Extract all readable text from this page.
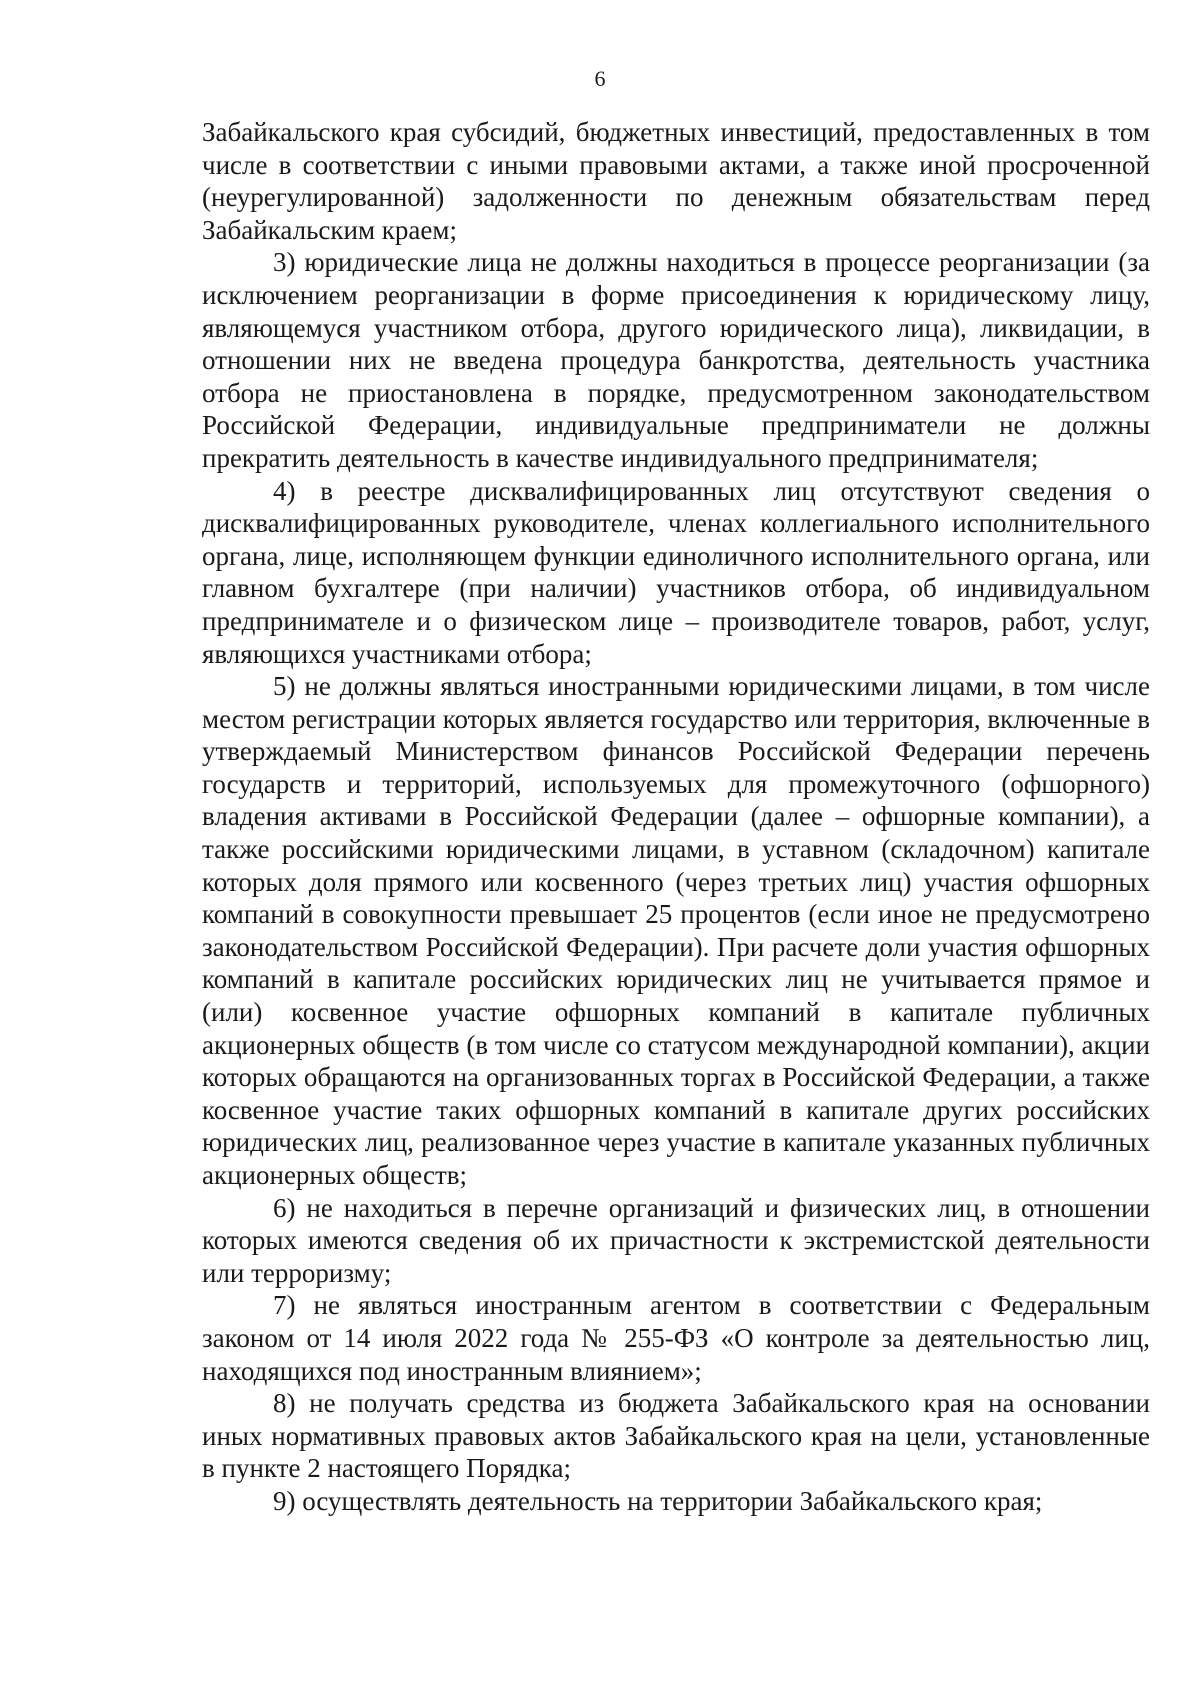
6

Забайкальского края субсидий, бюджетных инвестиций, предоставленных в том числе в соответствии с иными правовыми актами, а также иной просроченной (неурегулированной) задолженности по денежным обязательствам перед Забайкальским краем;

3) юридические лица не должны находиться в процессе реорганизации (за исключением реорганизации в форме присоединения к юридическому лицу, являющемуся участником отбора, другого юридического лица), ликвидации, в отношении них не введена процедура банкротства, деятельность участника отбора не приостановлена в порядке, предусмотренном законодательством Российской Федерации, индивидуальные предприниматели не должны прекратить деятельность в качестве индивидуального предпринимателя;

4) в реестре дисквалифицированных лиц отсутствуют сведения о дисквалифицированных руководителе, членах коллегиального исполнительного органа, лице, исполняющем функции единоличного исполнительного органа, или главном бухгалтере (при наличии) участников отбора, об индивидуальном предпринимателе и о физическом лице – производителе товаров, работ, услуг, являющихся участниками отбора;

5) не должны являться иностранными юридическими лицами, в том числе местом регистрации которых является государство или территория, включенные в утверждаемый Министерством финансов Российской Федерации перечень государств и территорий, используемых для промежуточного (офшорного) владения активами в Российской Федерации (далее – офшорные компании), а также российскими юридическими лицами, в уставном (складочном) капитале которых доля прямого или косвенного (через третьих лиц) участия офшорных компаний в совокупности превышает 25 процентов (если иное не предусмотрено законодательством Российской Федерации). При расчете доли участия офшорных компаний в капитале российских юридических лиц не учитывается прямое и (или) косвенное участие офшорных компаний в капитале публичных акционерных обществ (в том числе со статусом международной компании), акции которых обращаются на организованных торгах в Российской Федерации, а также косвенное участие таких офшорных компаний в капитале других российских юридических лиц, реализованное через участие в капитале указанных публичных акционерных обществ;

6) не находиться в перечне организаций и физических лиц, в отношении которых имеются сведения об их причастности к экстремистской деятельности или терроризму;

7) не являться иностранным агентом в соответствии с Федеральным законом от 14 июля 2022 года № 255-ФЗ «О контроле за деятельностью лиц, находящихся под иностранным влиянием»;

8) не получать средства из бюджета Забайкальского края на основании иных нормативных правовых актов Забайкальского края на цели, установленные в пункте 2 настоящего Порядка;

9) осуществлять деятельность на территории Забайкальского края;
